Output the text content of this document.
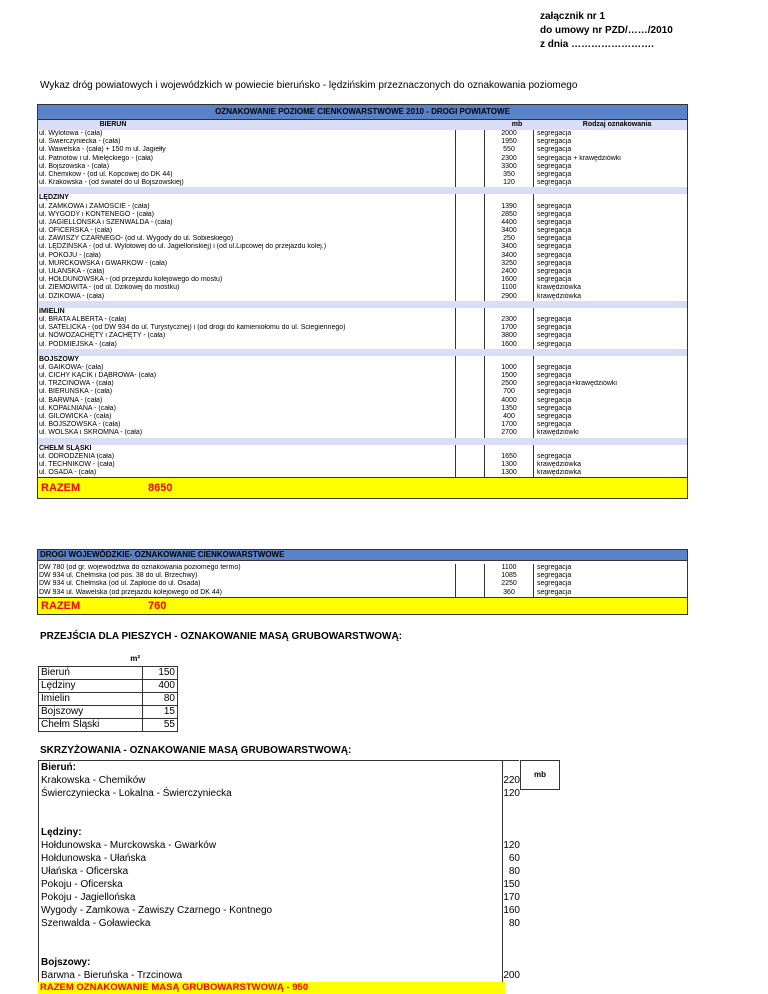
załącznik nr 1
do umowy nr PZD/……/2010
z dnia …………………….
Wykaz dróg powiatowych i wojewódzkich w powiecie bieruńsko - lędzińskim przeznaczonych do oznakowania poziomego
OZNAKOWANIE POZIOME CIENKOWARSTWOWE 2010 - DROGI POWIATOWE
BIERUŃ	mb	Rodzaj oznakowania
ul. Wylotowa - (cała)	2000	segregacja
ul. Świerczyniecka - (cała)	1950	segregacja
ul. Wawelska - (cała) + 150 m ul. Jagiełły	550	segregacja
ul. Patriotów i ul. Mielęckiego - (cała)	2300	segregacja + krawędziówki
ul. Bojszowska - (cała)	3300	segregacja
ul. Chemików - (od ul. Kopcowej do DK 44)	350	segregacja
ul. Krakowska - (od świateł do ul Bojszowskiej)	120	segregacja
LĘDZINY
ul. ZAMKOWA i ZAMOŚCIE - (cała)	1390	segregacja
ul. WYGODY i KONTENEGO - (cała)	2850	segregacja
ul. JAGIELLOŃSKA i SZENWALDA - (cała)	4400	segregacja
ul. OFICERSKA - (cała)	3400	segregacja
ul. ZAWISZY CZARNEGO- (od ul. Wygody do ul. Sobieskiego)	250	segregacja
ul. LĘDZIŃSKA - (od ul. Wylotowej do ul. Jagiellońskiej) i (od ul.Lipcowej do przejazdu kolej.)	3400	segregacja
ul. POKOJU - (cała)	3400	segregacja
ul. MURCKOWSKA i GWARKÓW - (cała)	3250	segregacja
ul. UŁAŃSKA - (cała)	2400	segregacja
ul. HOŁDUNOWSKA - (od przejazdu kolejowego do mostu)	1600	segregacja
ul. ZIEMOWITA - (od ul. Dzikowej do mostku)	1100	krawędziówka
ul. DZIKOWA - (cała)	2900	krawędziówka
IMIELIN
ul. BRATA ALBERTA - (cała)	2300	segregacja
ul. SATELICKA - (od DW 934 do ul. Turystycznej) i (od drogi do kamieniołomu do ul. Ściegiennego)	1700	segregacja
ul. NOWOZACHĘTY i ZACHĘTY - (cała)	3800	segregacja
ul. PODMIEJSKA - (cała)	1600	segregacja
BOJSZOWY
ul. GAIKOWA- (cała)	1000	segregacja
ul. CICHY KĄCIK i DĄBROWA- (cała)	1500	segregacja
ul. TRZCINOWA - (cała)	2500	segregacja+krawędziówki
ul. BIERUŃSKA - (cała)	700	segregacja
ul. BARWNA - (cała)	4000	segregacja
ul. KOPALNIANA - (cała)	1350	segregacja
ul. GILOWICKA - (cała)	400	segregacja
ul. BOJSZOWSKA - (cała)	1700	segregacja
ul. WOLSKA i SKROMNA - (cała)	2700	krawędziówki
CHEŁM ŚLĄSKI
ul. ODRODZENIA (cała)	1650	segregacja
ul. TECHNIKÓW - (cała)	1300	krawędziówka
ul. OSADA - (cała)	1300	krawędziówka
RAZEM	8650
DROGI WOJEWÓDZKIE- OZNAKOWANIE CIENKOWARSTWOWE
DW 780 (od gr. województwa do oznakowania poziomego termo)	1100	segregacja
DW 934 ul. Chełmska (od pos. 38 do ul. Brzechwy)	1085	segregacja
DW 934 ul. Chełmska (od ul. Zapłocie do ul. Osada)	2250	segregacja
DW 934 ul. Wawelska (od przejazdu kolejowego od DK 44)	360	segregacja
RAZEM	760
PRZEJŚCIA DLA PIESZYCH - OZNAKOWANIE MASĄ GRUBOWARSTWOWĄ:
m²
Bieruń	150
Lędziny	400
Imielin	80
Bojszowy	15
Chełm Śląski	55
SKRZYŻOWANIA - OZNAKOWANIE MASĄ GRUBOWARSTWOWĄ:
mb
Bieruń:
Krakowska - Chemików	220
Świerczyniecka - Lokalna - Świerczyniecka	120
Lędziny:
Hołdunowska - Murckowska - Gwarków	120
Hołdunowska - Ułańska	60
Ułańska - Oficerska	80
Pokoju - Oficerska	150
Pokoju - Jagiellońska	170
Wygody - Zamkowa - Zawiszy Czarnego - Kontnego	160
Szenwalda - Goławiecka	80
Bojszowy:
Barwna - Bieruńska - Trzcinowa	200
RAZEM OZNAKOWANIE MASĄ GRUBOWARSTWOWĄ - 950
